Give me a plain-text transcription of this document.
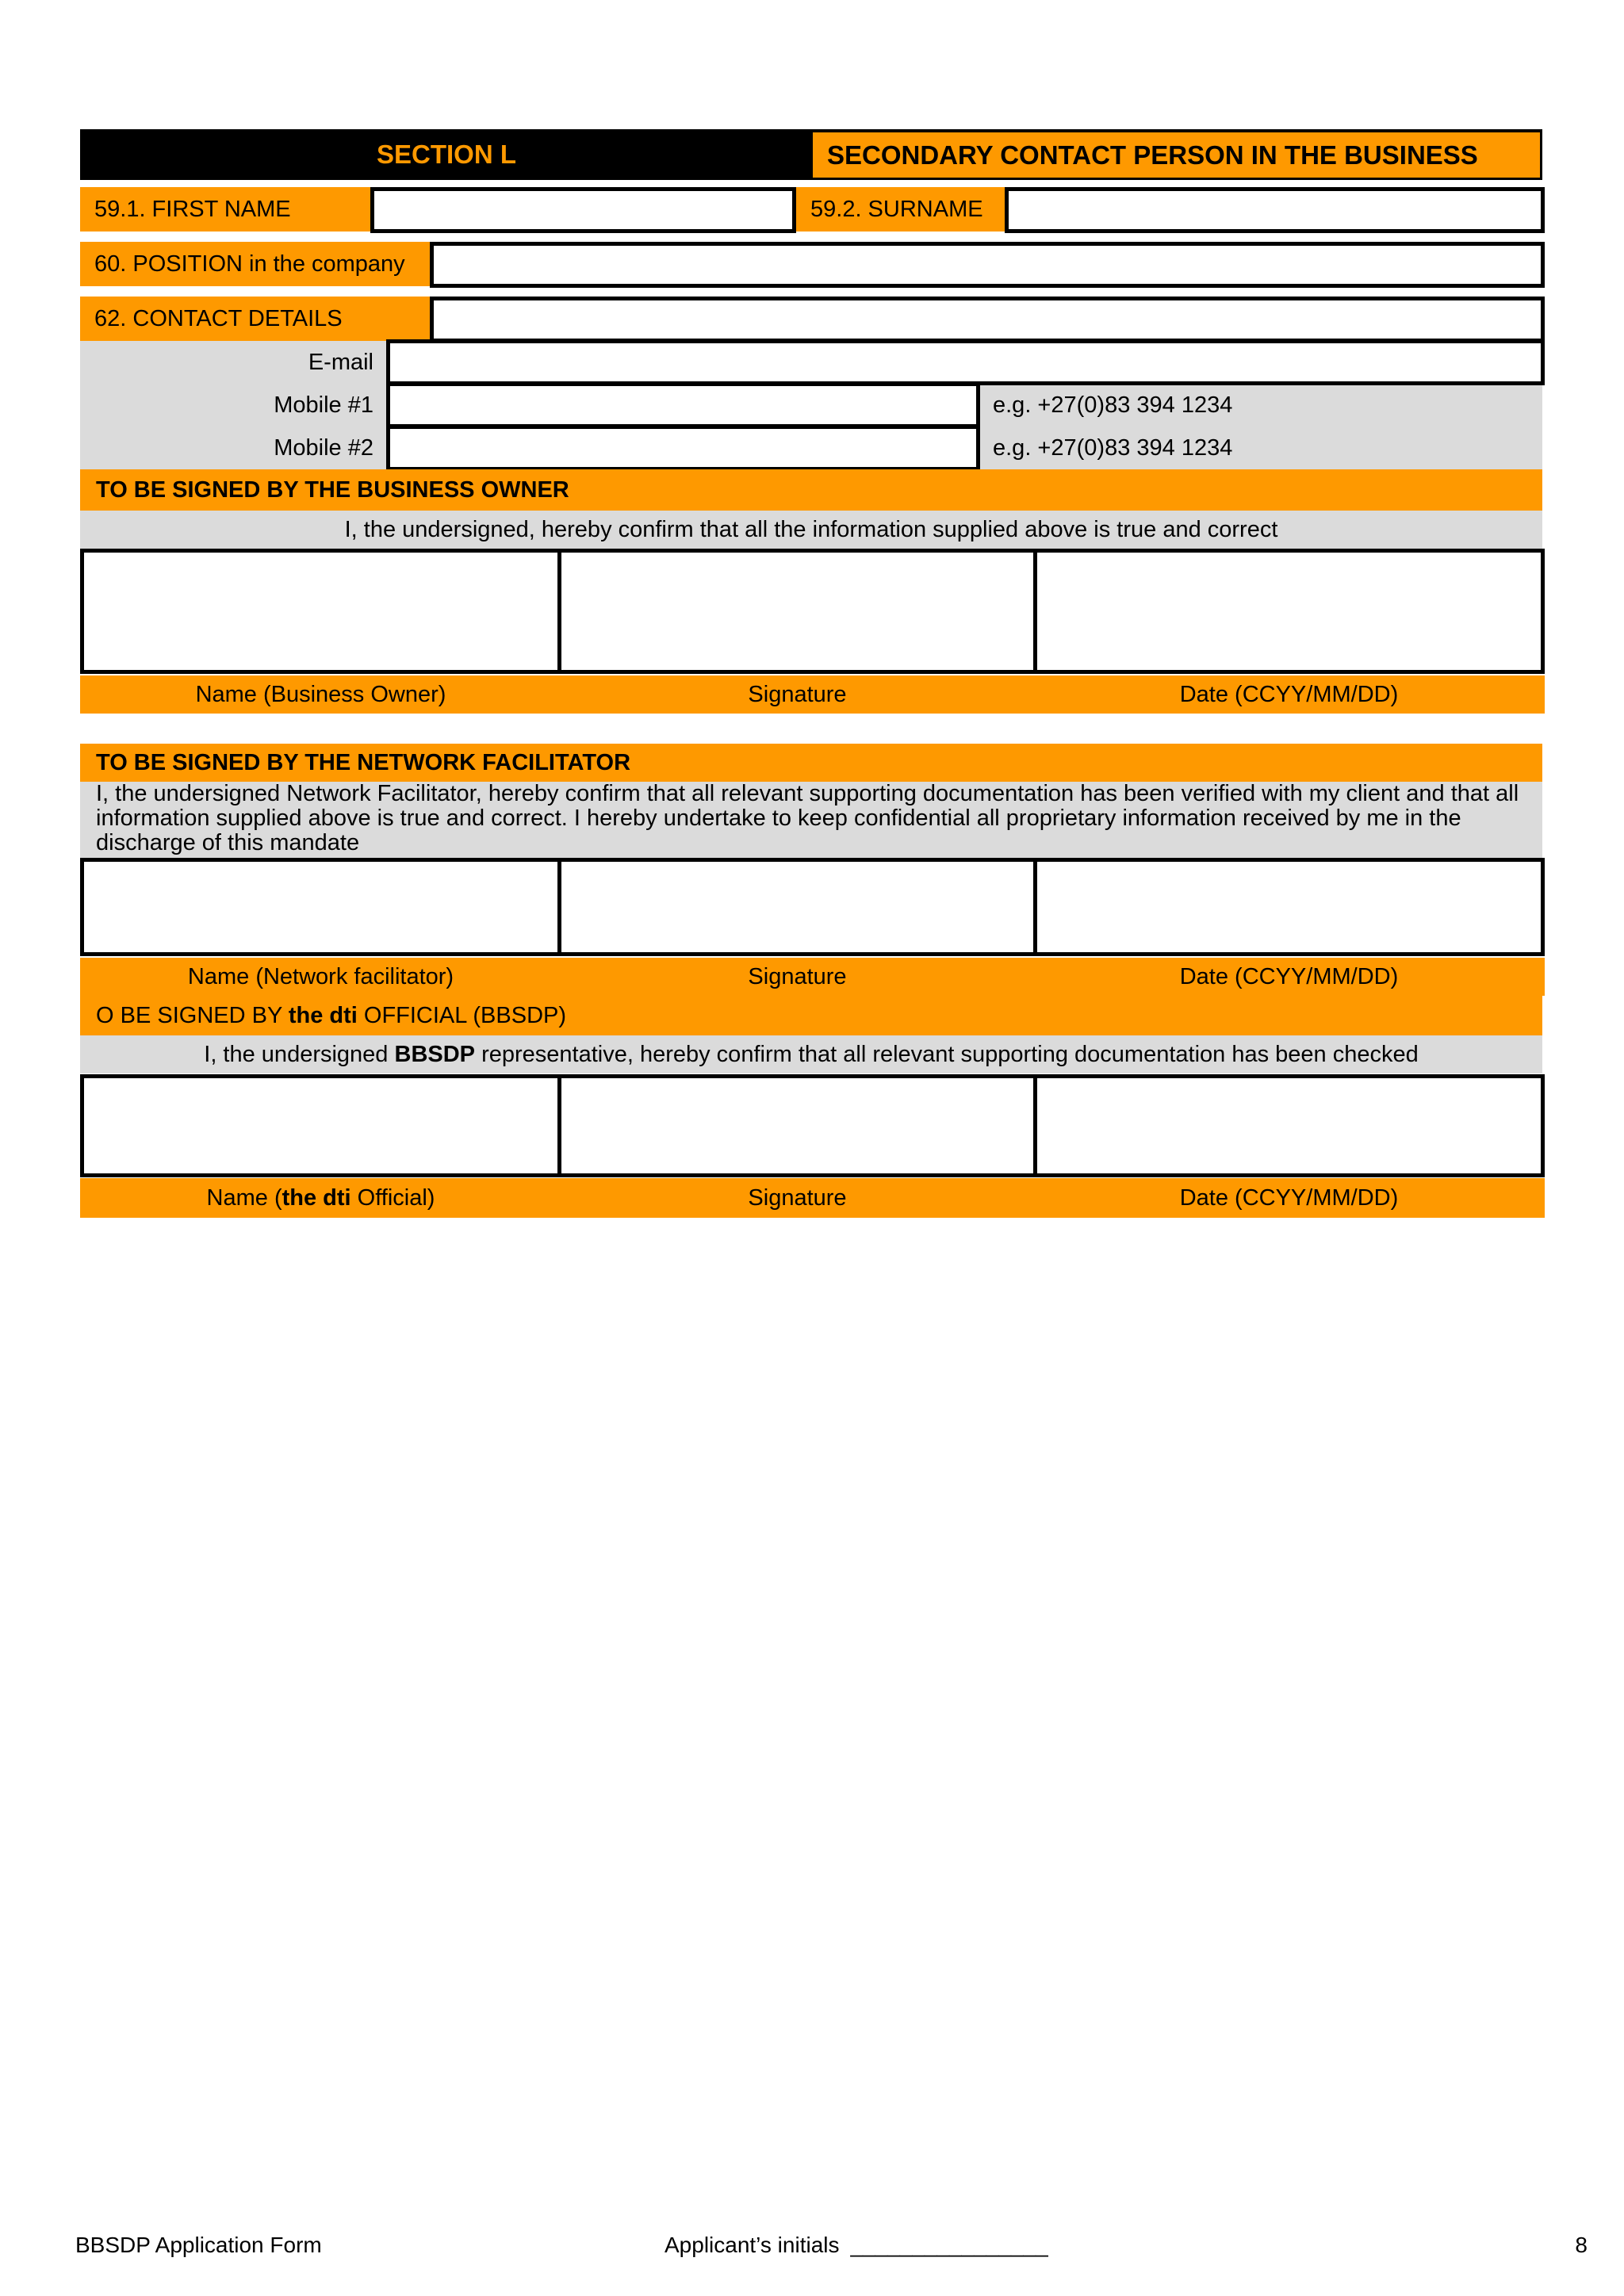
SECTION L	SECONDARY CONTACT PERSON IN THE BUSINESS
59.1. FIRST NAME	59.2. SURNAME
60. POSITION in the company
62. CONTACT DETAILS
E-mail
Mobile #1	e.g. +27(0)83 394 1234
Mobile #2	e.g. +27(0)83 394 1234
TO BE SIGNED BY THE BUSINESS OWNER
I, the undersigned, hereby confirm that all the information supplied above is true and correct
Name (Business Owner)	Signature	Date (CCYY/MM/DD)
TO BE SIGNED BY THE NETWORK FACILITATOR
I, the undersigned Network Facilitator, hereby confirm that all relevant supporting documentation has been verified with my client and that all information supplied above is true and correct. I hereby undertake to keep confidential all proprietary information received by me in the discharge of this mandate
Name (Network facilitator)	Signature	Date (CCYY/MM/DD)
O BE SIGNED BY the dti OFFICIAL (BBSDP)
I, the undersigned BBSDP representative, hereby confirm that all relevant supporting documentation has been checked
Name ( the dti Official)	Signature	Date (CCYY/MM/DD)
BBSDP Application Form	Applicant’s initials ________________	8
